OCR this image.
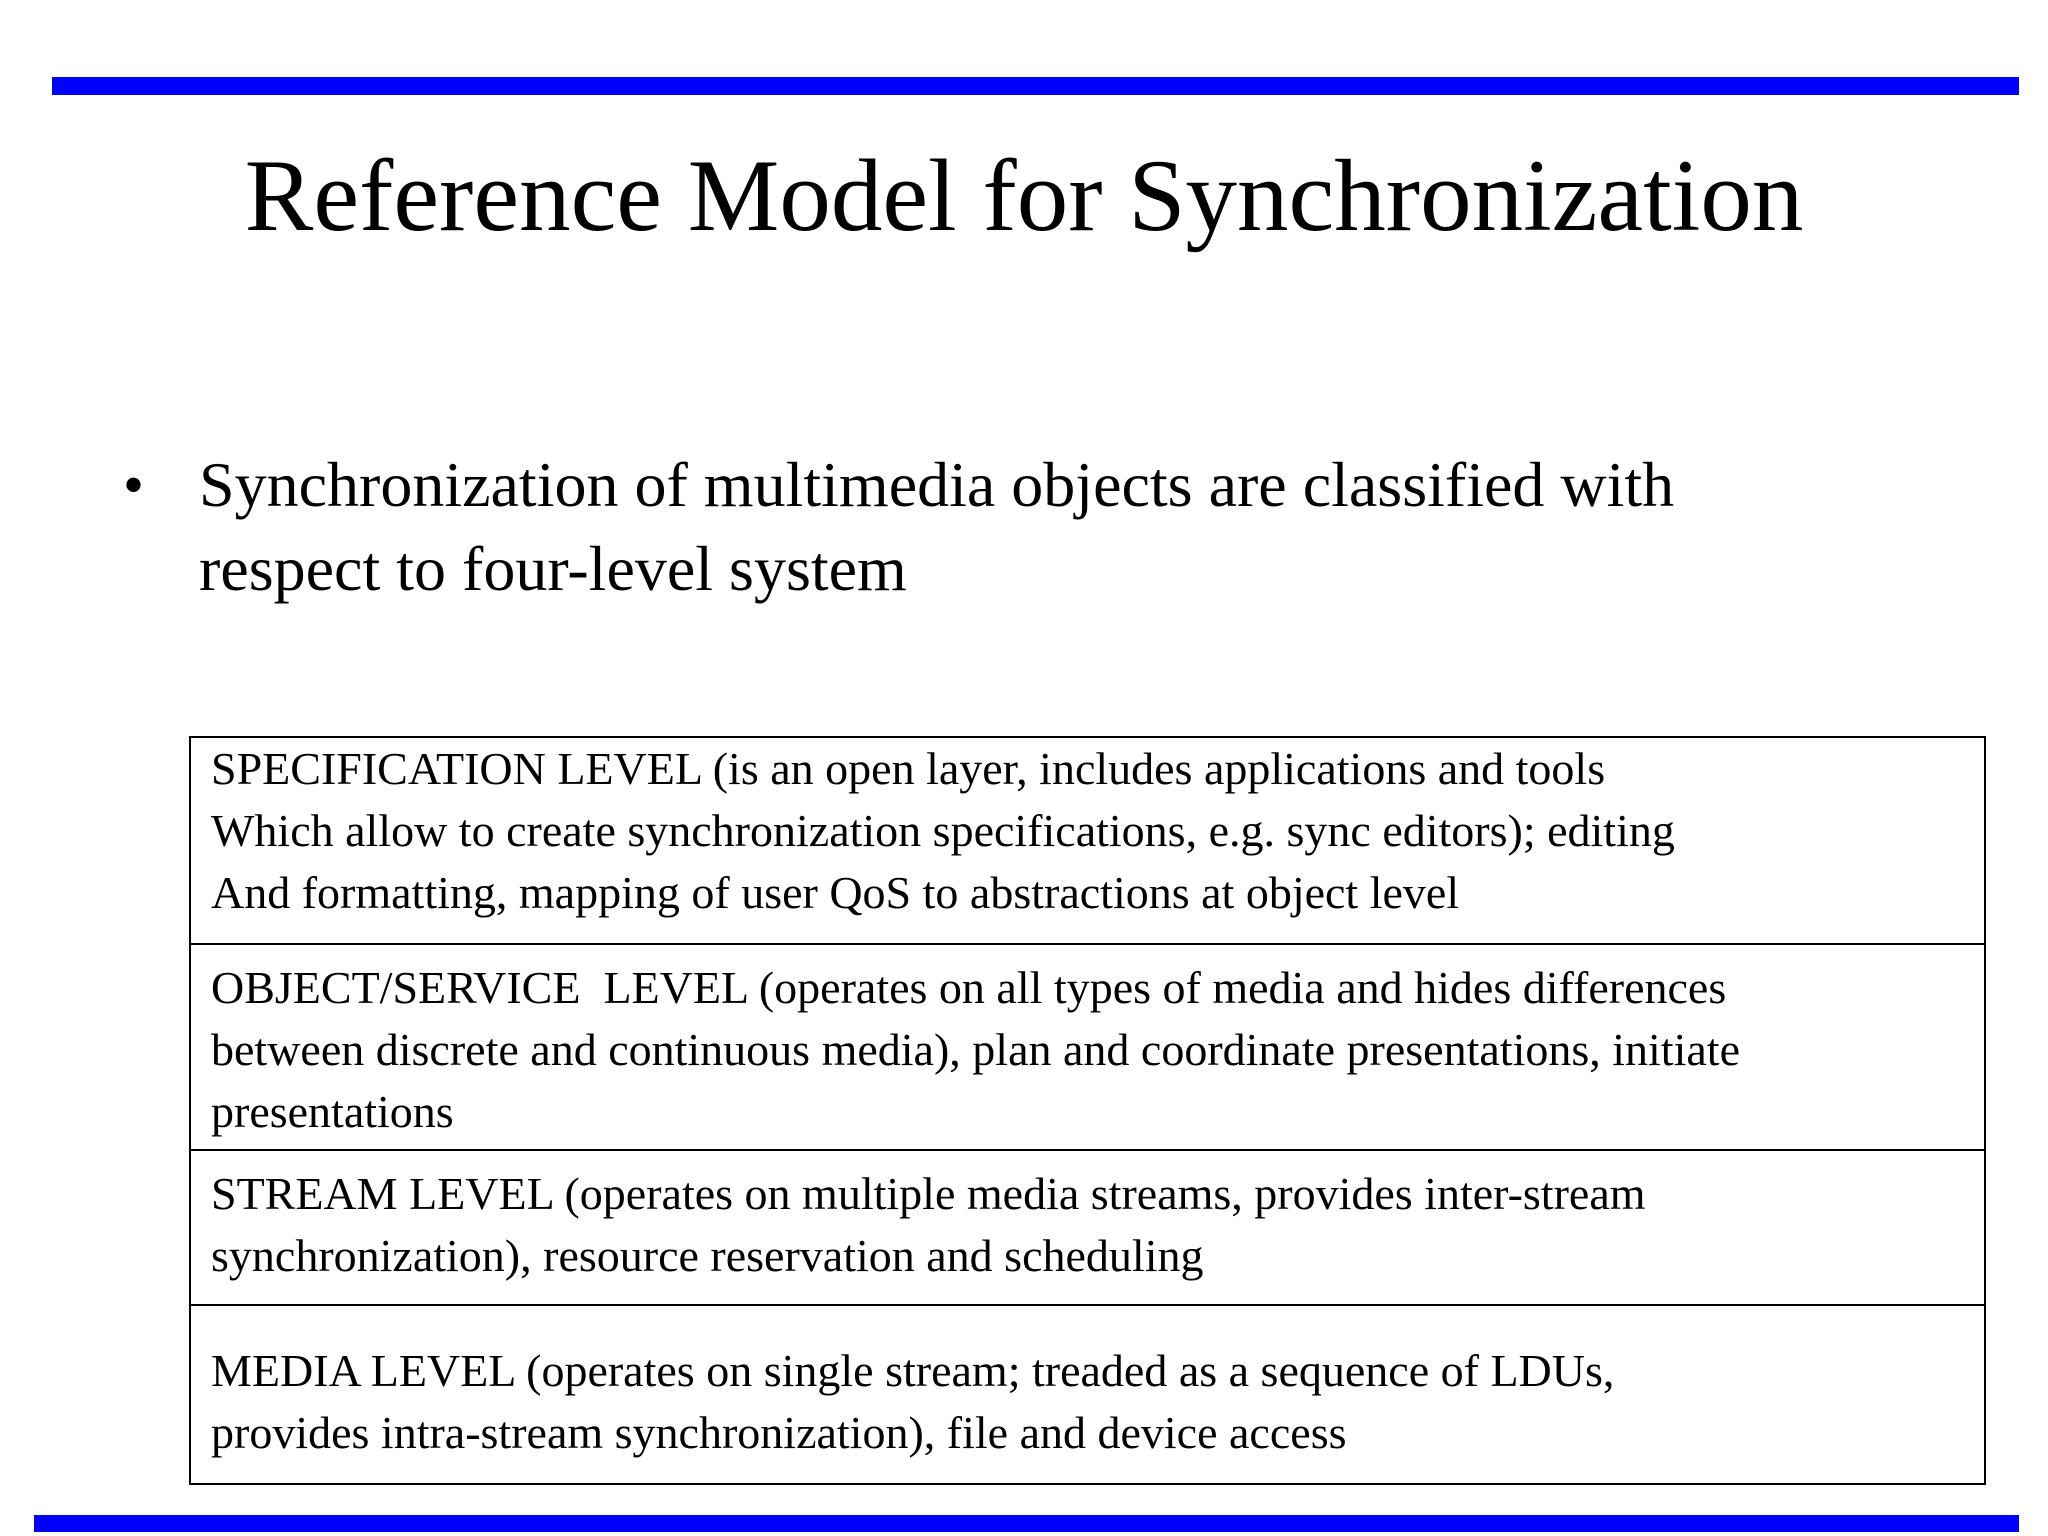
Reference Model for Synchronization
• Synchronization of multimedia objects are classified with
respect to four-level system
SPECIFICATION LEVEL (is an open layer, includes applications and tools
Which allow to create synchronization specifications, e.g. sync editors); editing
And formatting, mapping of user QoS to abstractions at object level
OBJECT/SERVICE  LEVEL (operates on all types of media and hides differences
between discrete and continuous media), plan and coordinate presentations, initiate
presentations
STREAM LEVEL (operates on multiple media streams, provides inter-stream
synchronization), resource reservation and scheduling
MEDIA LEVEL (operates on single stream; treaded as a sequence of LDUs,
provides intra-stream synchronization), file and device access
